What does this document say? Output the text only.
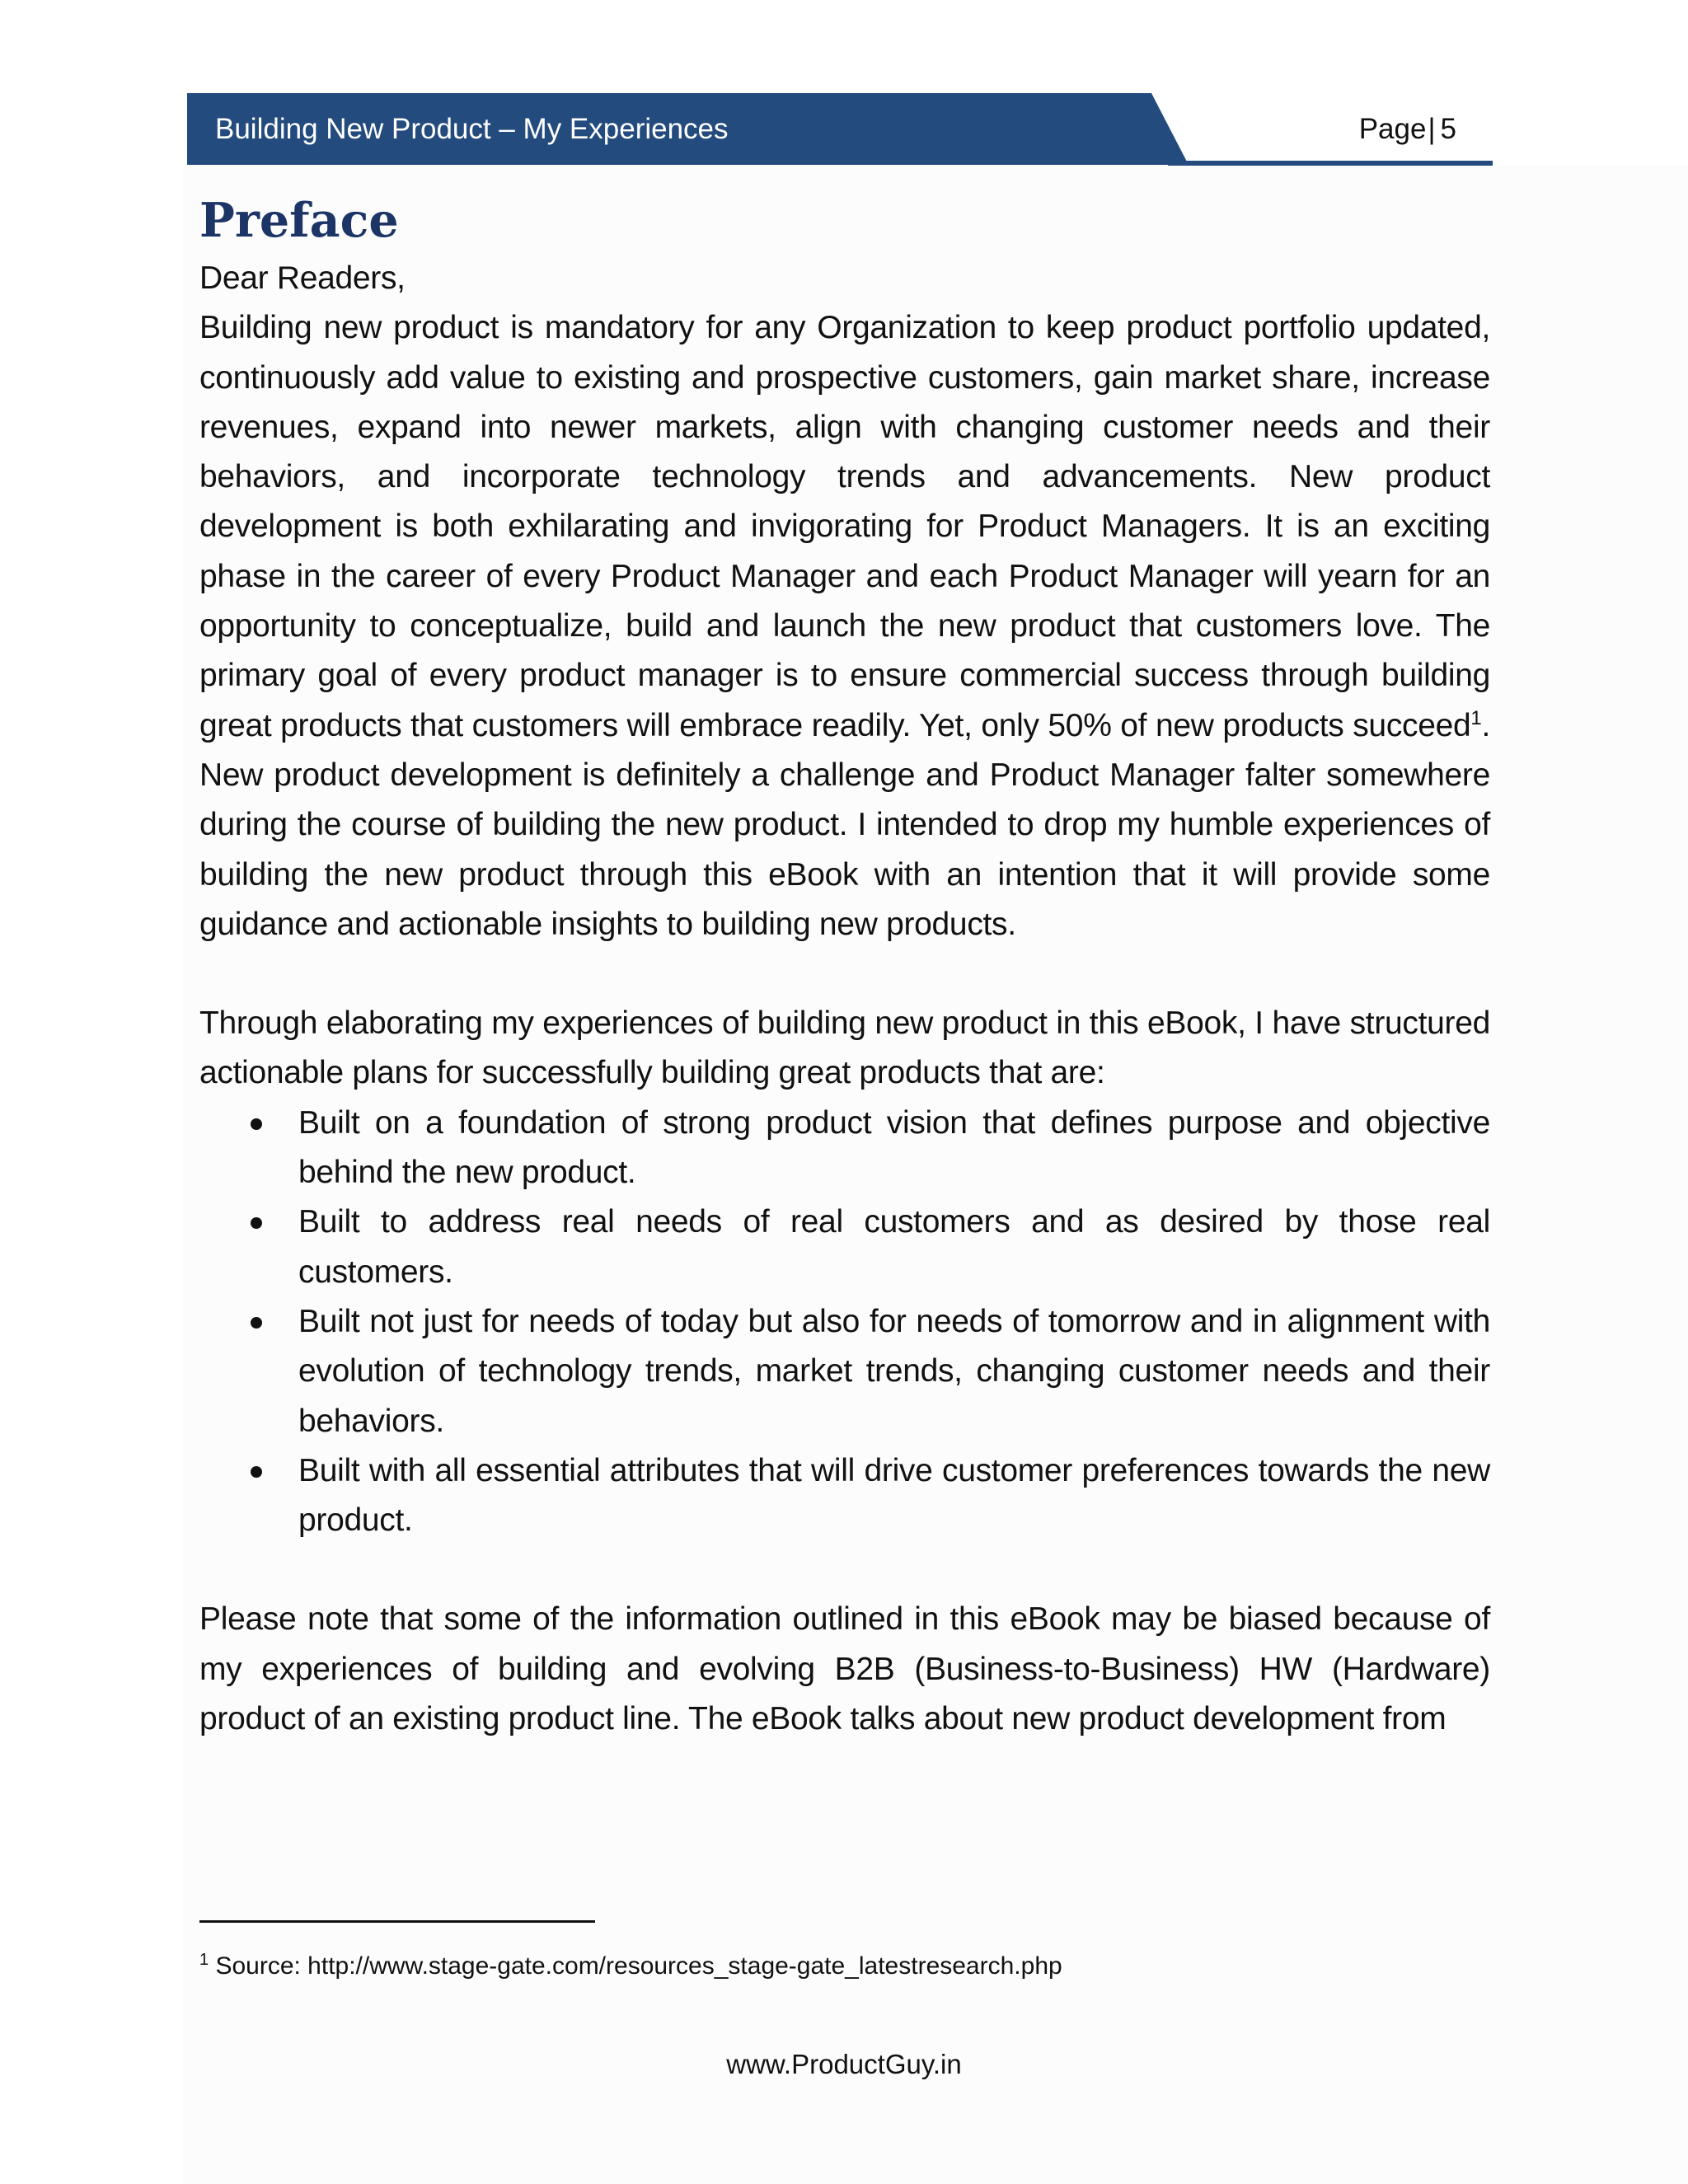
Building New Product – My Experiences	Page| 5
Preface

Dear Readers,

Building new product is mandatory for any Organization to keep product portfolio updated, continuously add value to existing and prospective customers, gain market share, increase revenues, expand into newer markets, align with changing customer needs and their behaviors, and incorporate technology trends and advancements. New product development is both exhilarating and invigorating for Product Managers. It is an exciting phase in the career of every Product Manager and each Product Manager will yearn for an opportunity to conceptualize, build and launch the new product that customers love. The primary goal of every product manager is to ensure commercial success through building great products that customers will embrace readily. Yet, only 50% of new products succeed$^1$. New product development is definitely a challenge and Product Manager falter somewhere during the course of building the new product. I intended to drop my humble experiences of building the new product through this eBook with an intention that it will provide some guidance and actionable insights to building new products.

Through elaborating my experiences of building new product in this eBook, I have structured actionable plans for successfully building great products that are:

Built on a foundation of strong product vision that defines purpose and objective behind the new product.
Built to address real needs of real customers and as desired by those real customers.
Built not just for needs of today but also for needs of tomorrow and in alignment with evolution of technology trends, market trends, changing customer needs and their behaviors.
Built with all essential attributes that will drive customer preferences towards the new product.

Please note that some of the information outlined in this eBook may be biased because of my experiences of building and evolving B2B (Business-to-Business) HW (Hardware) product of an existing product line. The eBook talks about new product development from

$^1$ Source: http://www.stage-gate.com/resources_stage-gate_latestresearch.php
www.ProductGuy.in
